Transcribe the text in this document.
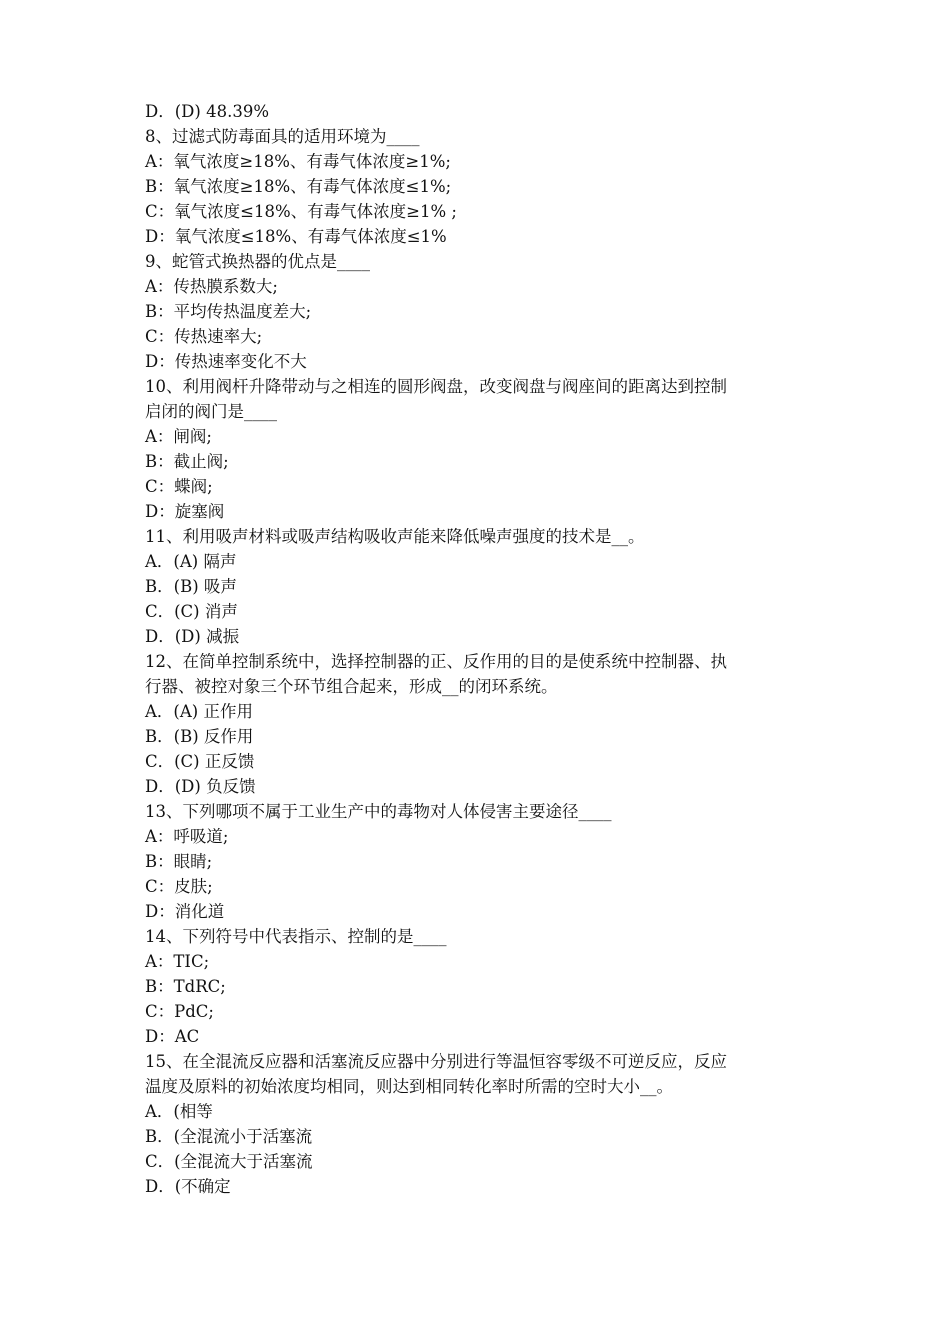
D．(D) 48.39%
8、过滤式防毒面具的适用环境为____
A：氧气浓度≥18%、有毒气体浓度≥1%;
B：氧气浓度≥18%、有毒气体浓度≤1%;
C：氧气浓度≤18%、有毒气体浓度≥1% ;
D：氧气浓度≤18%、有毒气体浓度≤1%
9、蛇管式换热器的优点是____
A：传热膜系数大;
B：平均传热温度差大;
C：传热速率大;
D：传热速率变化不大
10、利用阀杆升降带动与之相连的圆形阀盘，改变阀盘与阀座间的距离达到控制
启闭的阀门是____
A：闸阀;
B：截止阀;
C：蝶阀;
D：旋塞阀
11、利用吸声材料或吸声结构吸收声能来降低噪声强度的技术是__。
A．(A) 隔声
B．(B) 吸声
C．(C) 消声
D．(D) 减振
12、在简单控制系统中，选择控制器的正、反作用的目的是使系统中控制器、执
行器、被控对象三个环节组合起来，形成__的闭环系统。
A．(A) 正作用
B．(B) 反作用
C．(C) 正反馈
D．(D) 负反馈
13、下列哪项不属于工业生产中的毒物对人体侵害主要途径____
A：呼吸道;
B：眼睛;
C：皮肤;
D：消化道
14、下列符号中代表指示、控制的是____
A：TIC;
B：TdRC;
C：PdC;
D：AC
15、在全混流反应器和活塞流反应器中分别进行等温恒容零级不可逆反应，反应
温度及原料的初始浓度均相同，则达到相同转化率时所需的空时大小__。
A．(相等
B．(全混流小于活塞流
C．(全混流大于活塞流
D．(不确定
